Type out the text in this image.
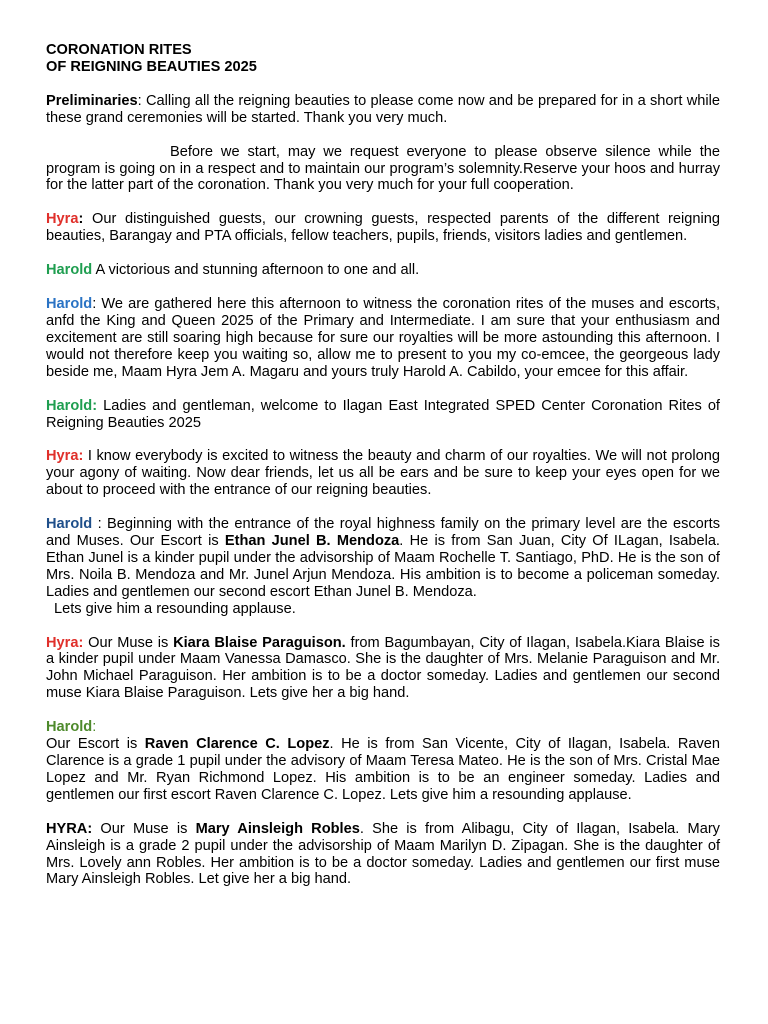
CORONATION RITES
OF REIGNING BEAUTIES 2025

Preliminaries: Calling all the reigning beauties to please come now and be prepared for in a short while these grand ceremonies will be started. Thank you very much.

Before we start, may we request everyone to please observe silence while the program is going on in a respect and to maintain our program’s solemnity.Reserve your hoos and hurray for the latter part of the coronation. Thank you very much for your full cooperation.

Hyra: Our distinguished guests, our crowning guests, respected parents of the different reigning beauties, Barangay and PTA officials, fellow teachers, pupils, friends, visitors ladies and gentlemen.

Harold A victorious and stunning afternoon to one and all.

Harold: We are gathered here this afternoon to witness the coronation rites of the muses and escorts, anfd the King and Queen 2025 of the Primary and Intermediate. I am sure that your enthusiasm and excitement are still soaring high because for sure our royalties will be more astounding this afternoon. I would not therefore keep you waiting so, allow me to present to you my co-emcee, the georgeous lady beside me, Maam Hyra Jem A. Magaru and yours truly Harold A. Cabildo, your emcee for this affair.

Harold: Ladies and gentleman, welcome to Ilagan East Integrated SPED Center Coronation Rites of Reigning Beauties 2025

Hyra: I know everybody is excited to witness the beauty and charm of our royalties. We will not prolong your agony of waiting. Now dear friends, let us all be ears and be sure to keep your eyes open for we about to proceed with the entrance of our reigning beauties.

Harold : Beginning with the entrance of the royal highness family on the primary level are the escorts and Muses. Our Escort is Ethan Junel B. Mendoza. He is from San Juan, City Of ILagan, Isabela. Ethan Junel is a kinder pupil under the advisorship of Maam Rochelle T. Santiago, PhD. He is the son of Mrs. Noila B. Mendoza and Mr. Junel Arjun Mendoza. His ambition is to become a policeman someday. Ladies and gentlemen our second escort Ethan Junel B. Mendoza.
Lets give him a resounding applause.

Hyra: Our Muse is Kiara Blaise Paraguison. from Bagumbayan, City of Ilagan, Isabela.Kiara Blaise is a kinder pupil under Maam Vanessa Damasco. She is the daughter of Mrs. Melanie Paraguison and Mr. John Michael Paraguison. Her ambition is to be a doctor someday. Ladies and gentlemen our second muse Kiara Blaise Paraguison. Lets give her a big hand.

Harold:
Our Escort is Raven Clarence C. Lopez. He is from San Vicente, City of Ilagan, Isabela. Raven Clarence is a grade 1 pupil under the advisory of Maam Teresa Mateo. He is the son of Mrs. Cristal Mae Lopez and Mr. Ryan Richmond Lopez. His ambition is to be an engineer someday. Ladies and gentlemen our first escort Raven Clarence C. Lopez. Lets give him a resounding applause.

HYRA: Our Muse is Mary Ainsleigh Robles. She is from Alibagu, City of Ilagan, Isabela. Mary Ainsleigh is a grade 2 pupil under the advisorship of Maam Marilyn D. Zipagan. She is the daughter of Mrs. Lovely ann Robles. Her ambition is to be a doctor someday. Ladies and gentlemen our first muse Mary Ainsleigh Robles. Let give her a big hand.
